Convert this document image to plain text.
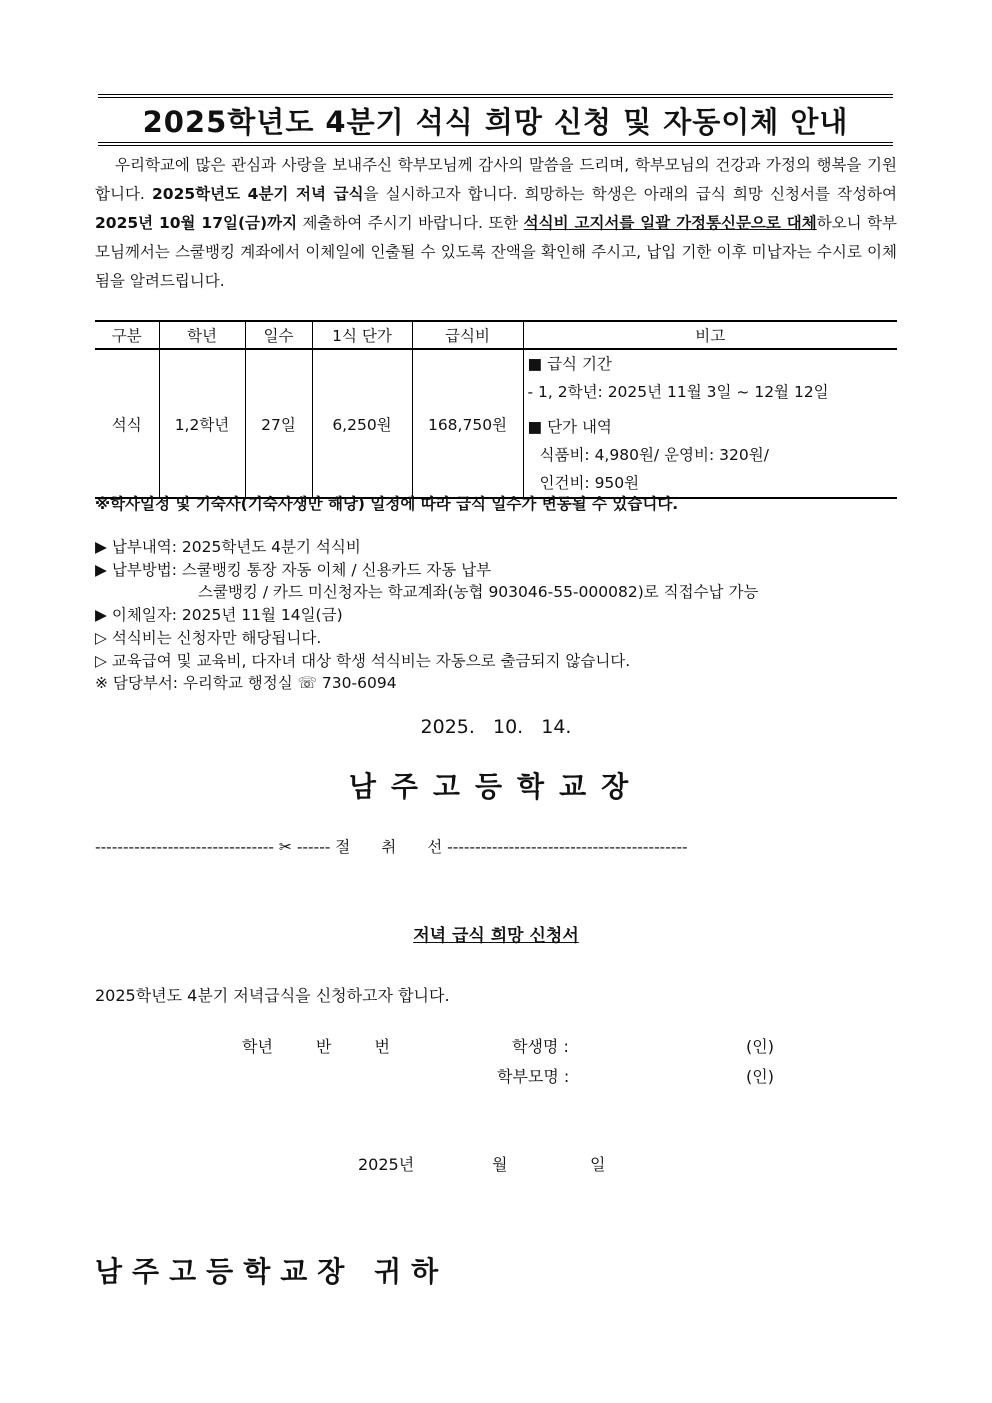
2025학년도 4분기 석식 희망 신청 및 자동이체 안내

우리학교에 많은 관심과 사랑을 보내주신 학부모님께 감사의 말씀을 드리며, 학부모님의 건강과 가정의 행복을 기원합니다. 2025학년도 4분기 저녁 급식을 실시하고자 합니다. 희망하는 학생은 아래의 급식 희망 신청서를 작성하여 2025년 10월 17일(금)까지 제출하여 주시기 바랍니다. 또한 석식비 고지서를 일괄 가정통신문으로 대체하오니 학부모님께서는 스쿨뱅킹 계좌에서 이체일에 인출될 수 있도록 잔액을 확인해 주시고, 납입 기한 이후 미납자는 수시로 이체됨을 알려드립니다.

구분	학년	일수	1식 단가	급식비	비고
석식	1,2학년	27일	6,250원	168,750원	■ 급식 기간
- 1, 2학년: 2025년 11월 3일 ~ 12월 12일
■ 단가 내역
식품비: 4,980원/ 운영비: 320원/
인건비: 950원
※학사일정 및 기숙사(기숙사생만 해당) 일정에 따라 급식 일수가 변동될 수 있습니다.
▶ 납부내역: 2025학년도 4분기 석식비
▶ 납부방법: 스쿨뱅킹 통장 자동 이체 / 신용카드 자동 납부
스쿨뱅킹 / 카드 미신청자는 학교계좌(농협 903046-55-000082)로 직접수납 가능
▶ 이체일자: 2025년 11월 14일(금)
▷ 석식비는 신청자만 해당됩니다.
▷ 교육급여 및 교육비, 다자녀 대상 학생 석식비는 자동으로 출금되지 않습니다.
※ 담당부서: 우리학교 행정실 ☏ 730-6094
2025. 10. 14.
남주고등학교장
-------------------------------- ✂ ------ 절　　취　　선 -------------------------------------------
저녁 급식 희망 신청서
2025학년도 4분기 저녁급식을 신청하고자 합니다.
학년 반 번	학생명 :	(인)
학부모명 :	(인)
2025년	월	일
남주고등학교장 귀하
